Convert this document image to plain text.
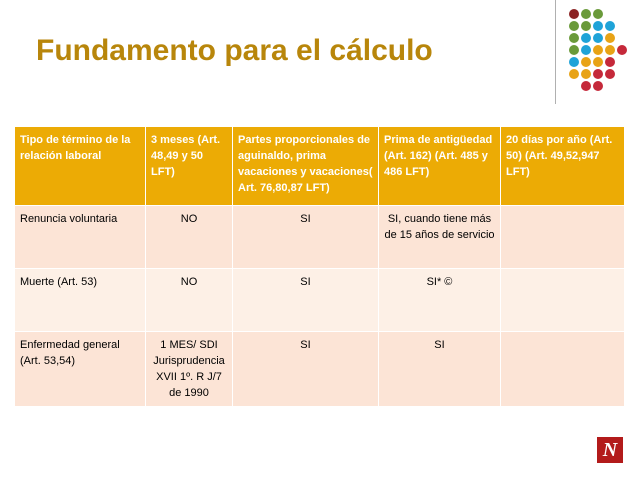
Fundamento para el cálculo
Tipo de término de la relación laboral	3 meses (Art. 48,49 y 50 LFT)	Partes proporcionales de aguinaldo, prima vacaciones y vacaciones( Art. 76,80,87 LFT)	Prima de antigüedad (Art. 162) (Art. 485 y 486 LFT)	20 días por año (Art. 50) (Art. 49,52,947 LFT)
Renuncia voluntaria	NO	SI	SI, cuando tiene más de 15 años de servicio	
Muerte (Art. 53)	NO	SI	SI* ©	
Enfermedad general (Art. 53,54)	1 MES/ SDI Jurisprudencia XVII 1º. R J/7 de 1990	SI	SI	
N
